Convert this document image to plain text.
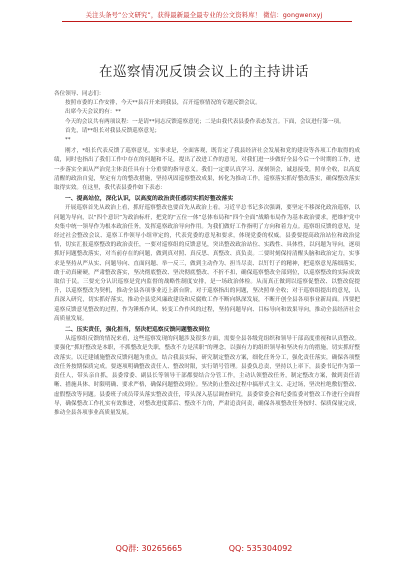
关注头条号“公文研究”，获得最新最全最专业的公文资料库！ 微信：gongwenxyj
在巡察情况反馈会议上的主持讲话

各位领导、同志们：

按照市委的工作安排，今天**县召开来到我县，召开巡察情况的专题反馈会议。

出席今天会议的有：**

今天的会议共有两项议程：一是请**同志反馈巡察意见；二是由我代表县委作表态发言。下面，会议进行第一项。

首先，请**组长对我县反馈巡察意见；

**

刚才，*组长代表反馈了巡察意见，实事求是，全面客观，既肯定了我县经济社会发展和党的建设等各项工作取得的成绩，同时也指出了我们工作中存在的问题和不足，提出了改进工作的意见，对我们进一步做好全县今后一个时期的工作，进一步落实全面从严治党主体责任具有十分重要的指导意义。我们一定要认真学习、深刻领会，诚恳接受，照单全收，以高度清醒的政治自觉，坚定有力的整改措施，坚持巩固巡察整改成果，转化为推动工作，巡察落实抓好整改落实，确保整改落实取得实效。在这里，我代表县委作如下表态：

一、提高站位，深化认识，以高度的政治责任感切实抓好整改落实

开展巡察首先从政治上看，抓好巡察整改也要首先从政治上看。习近平总书记多次强调，要坚定不移深化政治巡察，以问题为导向，以“四个意识”为政治标杆，把党的“五位一体”总体布局和“四个全面”战略布局作为基本政治要求，把维护党中央集中统一领导作为根本政治任务，发挥巡察政治导向作用。为我们做好工作指明了方向和着力点。巡察组反馈的意见，是经过社会整改会议、巡察工作领导小组审定的，代表党委的意见和要求，体现党委的权威。县委要提高政治站位和政治觉悟，切实汇报巡察整改的政治责任，一要对巡察组的反馈意见，突出整改政治站位、实践性、具体性，以问题为导向，逐项抓好问题整改落实，对当前存在的问题，做到真对照、真反思、真整改、真负责。二要时刻保持清醒头脑和政治定力，实事求是坚持从严从实、问题导向、直面问题、举一反三，做到主动作为、担当尽责、以钉钉子的精神，把巡察意见落细落实，敢于动真碰硬，严肃整改落实，坚决彻底整改、坚决彻底整改、不折不扣，确保巡察整改全部到位，以巡察整改的实际成效取信于民。三要充分认识巡察是党内监督的战略性制度安排，是一场政治体检。从而真正做到以巡察促整改、以整改促提升，以巡察整改为契机，推动全县各项事业迈上新台阶。对于巡察指出的问题，坚决照单全收；对于巡察组提出的意见，认真深入研究，切实抓好落实，推动全县党风廉政建设和反腐败工作不断向纵深发展，不断开创全县各项事业新局面。四要把巡察反馈意见整改的过程，作为锤炼作风、转变工作作风的过程，坚持问题导向、目标导向和效果导向，推动全县经济社会高质量发展。

二、压实责任，强化担当，坚决把巡察反馈问题整改到位

从巡察组反馈的情况来看，这些巡察发现的问题涉及很多方面，需要全县各级党组织和领导干部高度重视和认真整改。要强化“抓好整改是本职，不抓整改是失职，整改不力是渎职”的理念，以强有力的组织领导和坚决有力的措施，切实抓好整改落实。以迁建铺施整改反馈问题为重点，结合我县实际，研究制定整改方案，细化任务分工，强化责任落实，确保各项整改任务按期保质完成。要逐项明确整改责任人、整改时限，实行销号管理。县委负总责，坚持以上率下，县委书记作为第一责任人，带头亲自抓，县委常委、副县长等领导干部都要结合分管工作，主动认领整改任务，制定整改方案，做到责任清晰、措施具体、时限明确、要求严格，确保问题整改到位。坚决防止整改过程中搞形式主义、走过场，坚决杜绝敷衍整改、虚假整改等问题。县委班子成员带头落实整改责任，带头深入基层调查研究，县委常委会和纪委监委对整改工作进行全面督导，确保整改工作扎实有效推进，对整改进度滞后、整改不力的，严肃追责问责，确保各项整改任务按时、保质保量完成，推动全县各项事业高质量发展。

QQ群: 30265665	QQ: 535304092
